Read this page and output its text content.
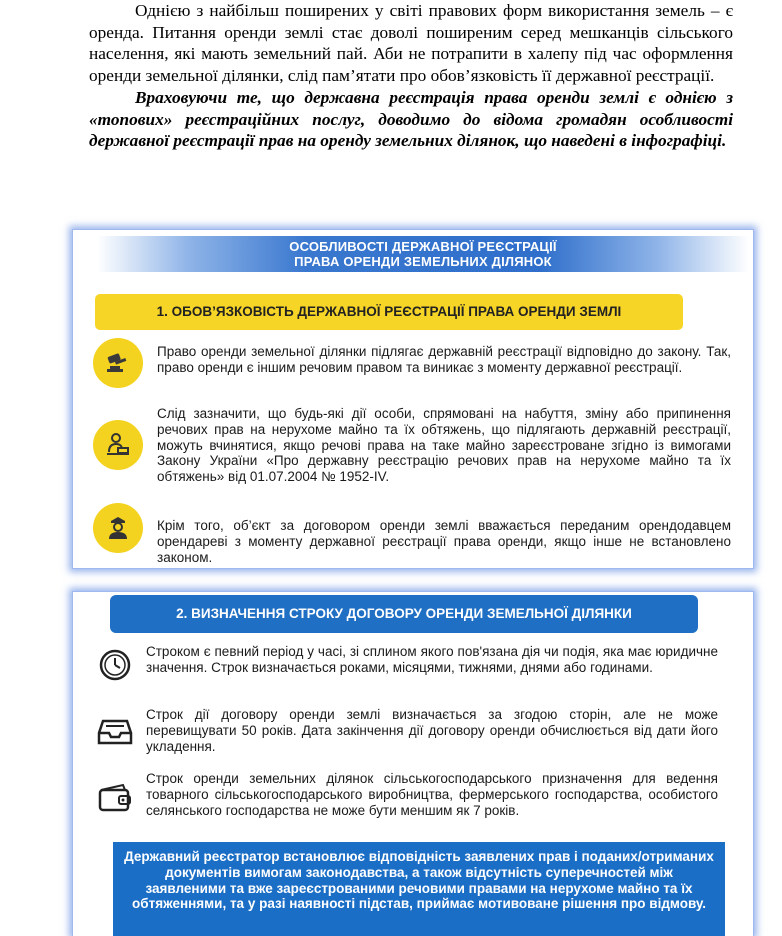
Однією з найбільш поширених у світі правових форм використання земель – є оренда. Питання оренди землі стає доволі поширеним серед мешканців сільського населення, які мають земельний пай. Аби не потрапити в халепу під час оформлення оренди земельної ділянки, слід пам’ятати про обов’язковість її державної реєстрації.

Враховуючи те, що державна реєстрація права оренди землі є однією з «топових» реєстраційних послуг, доводимо до відома громадян особливості державної реєстрації прав на оренду земельних ділянок, що наведені в інфографіці.

ОСОБЛИВОСТІ ДЕРЖАВНОЇ РЕЄСТРАЦІЇ
ПРАВА ОРЕНДИ ЗЕМЕЛЬНИХ ДІЛЯНОК
1. ОБОВ’ЯЗКОВІСТЬ ДЕРЖАВНОЇ РЕЄСТРАЦІЇ ПРАВА ОРЕНДИ ЗЕМЛІ

Право оренди земельної ділянки підлягає державній реєстрації відповідно до закону. Так, право оренди є іншим речовим правом та виникає з моменту державної реєстрації.

Слід зазначити, що будь-які дії особи, спрямовані на набуття, зміну або припинення речових прав на нерухоме майно та їх обтяжень, що підлягають державній реєстрації, можуть вчинятися, якщо речові права на таке майно зареєстроване згідно із вимогами Закону України «Про державну реєстрацію речових прав на нерухоме майно та їх обтяжень» від 01.07.2004 № 1952-IV.

Крім того, об’єкт за договором оренди землі вважається переданим орендодавцем орендареві з моменту державної реєстрації права оренди, якщо інше не встановлено законом.

2. ВИЗНАЧЕННЯ СТРОКУ ДОГОВОРУ ОРЕНДИ ЗЕМЕЛЬНОЇ ДІЛЯНКИ

Строком є певний період у часі, зі сплином якого пов'язана дія чи подія, яка має юридичне значення. Строк визначається роками, місяцями, тижнями, днями або годинами.

Строк дії договору оренди землі визначається за згодою сторін, але не може перевищувати 50 років. Дата закінчення дії договору оренди обчислюється від дати його укладення.

Строк оренди земельних ділянок сільськогосподарського призначення для ведення товарного сільськогосподарського виробництва, фермерського господарства, особистого селянського господарства не може бути меншим як 7 років.

Державний реєстратор встановлює відповідність заявлених прав і поданих/отриманих документів вимогам законодавства, а також відсутність суперечностей між заявленими та вже зареєстрованими речовими правами на нерухоме майно та їх обтяженнями, та у разі наявності підстав, приймає мотивоване рішення про відмову.
